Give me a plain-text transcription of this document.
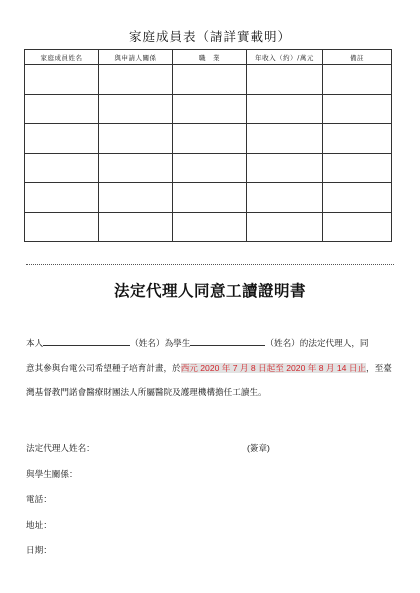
家庭成員表（請詳實載明）
家庭成員姓名	與申請人關係	職　業	年收入（約）/萬元	備註

法定代理人同意工讀證明書
本人	（姓名）為學生	（姓名）的法定代理人，同
意其參與台電公司希望種子培育計畫，於西元 2020 年 7 月 8 日起至 2020 年 8 月 14 日止，至臺灣基督教門諾會醫療財團法人所屬醫院及護理機構擔任工讀生。
法定代理人姓名：	(簽章)
與學生關係：
電話：
地址：
日期：
